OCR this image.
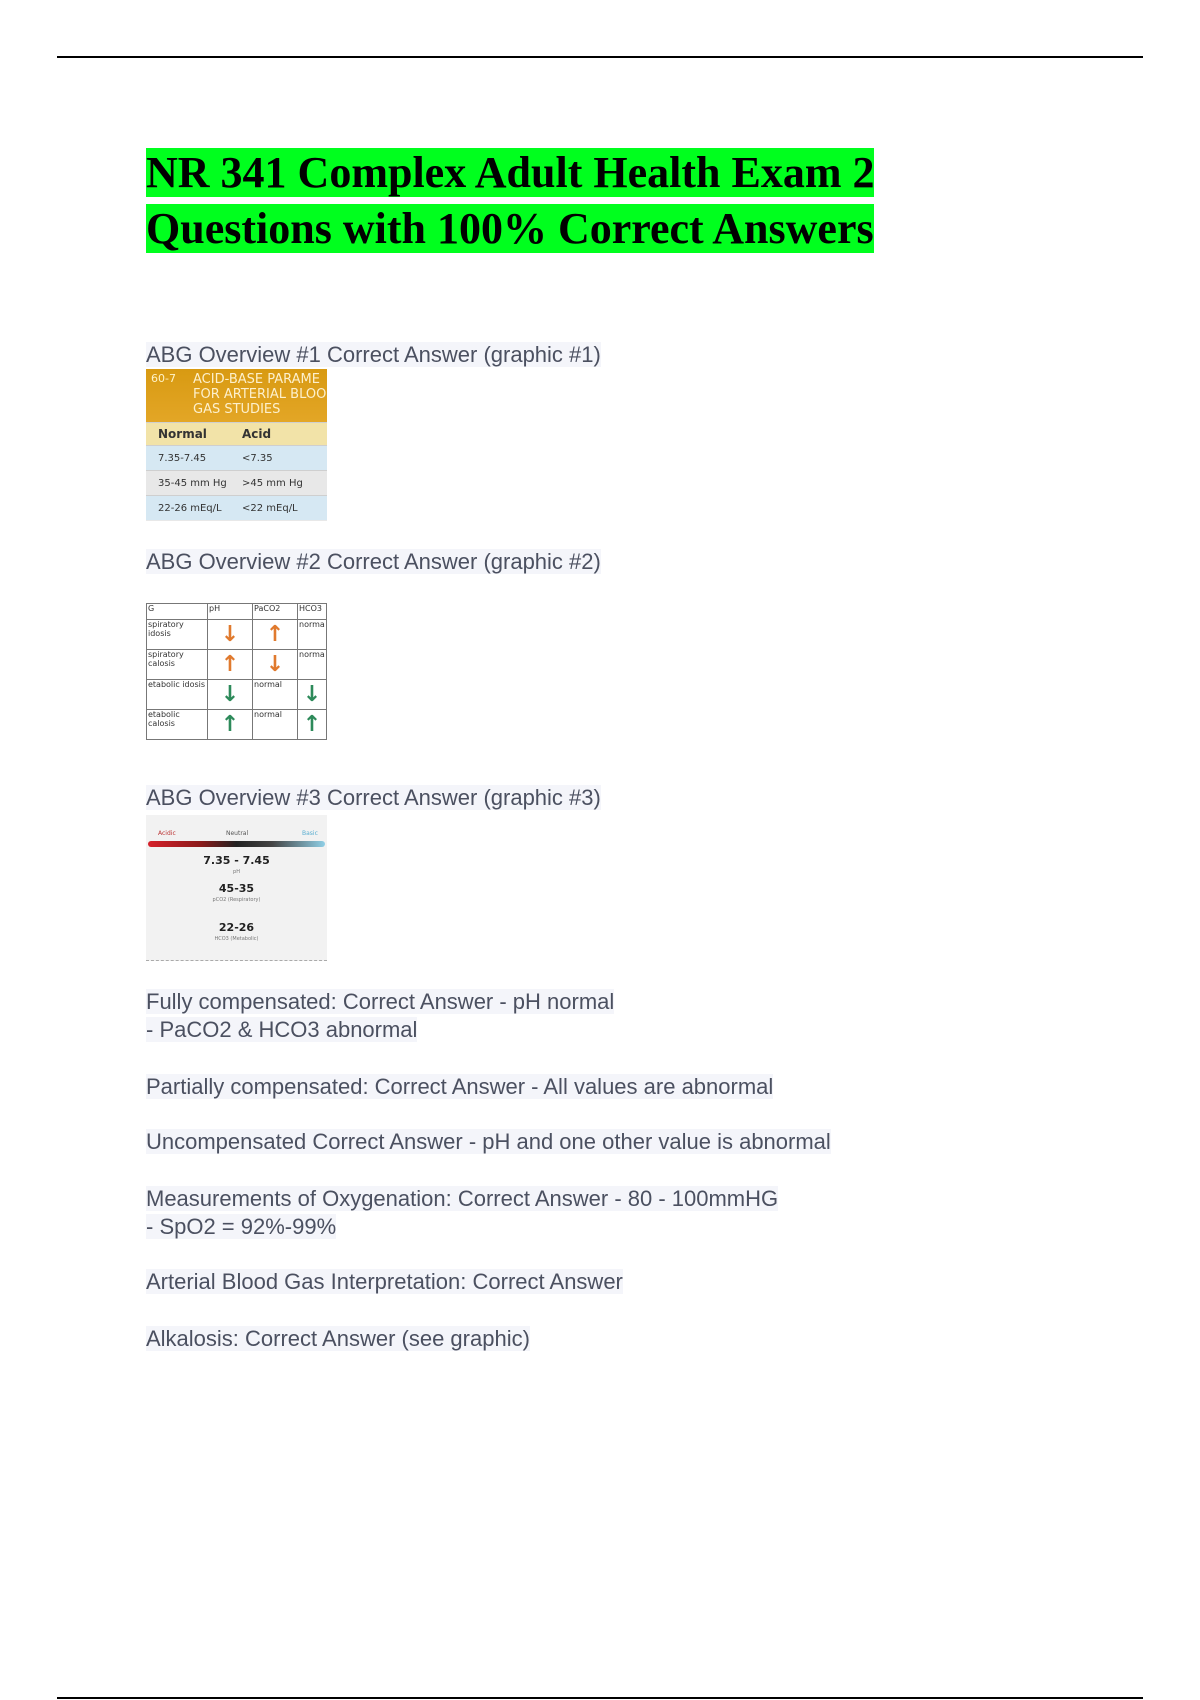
NR 341 Complex Adult Health Exam 2 Questions with 100% Correct Answers
ABG Overview #1 Correct Answer (graphic #1)
60-7 ACID-BASE PARAME
FOR ARTERIAL BLOO
GAS STUDIES
Normal	Acid
7.35-7.45	<7.35
35-45 mm Hg	>45 mm Hg
22-26 mEq/L	<22 mEq/L
ABG Overview #2 Correct Answer (graphic #2)
G	pH	PaCO2	HCO3
spiratory idosis	↓	↑	norma
spiratory calosis	↑	↓	norma
etabolic idosis	↓	normal	↓
etabolic calosis	↑	normal	↑
ABG Overview #3 Correct Answer (graphic #3)
Acidic	Neutral	Basic
7.35 - 7.45
pH
45-35
pCO2 (Respiratory)
22-26
HCO3 (Metabolic)
Fully compensated: Correct Answer - pH normal
- PaCO2 & HCO3 abnormal
Partially compensated: Correct Answer - All values are abnormal
Uncompensated Correct Answer - pH and one other value is abnormal
Measurements of Oxygenation: Correct Answer - 80 - 100mmHG
- SpO2 = 92%-99%
Arterial Blood Gas Interpretation: Correct Answer
Alkalosis: Correct Answer (see graphic)
